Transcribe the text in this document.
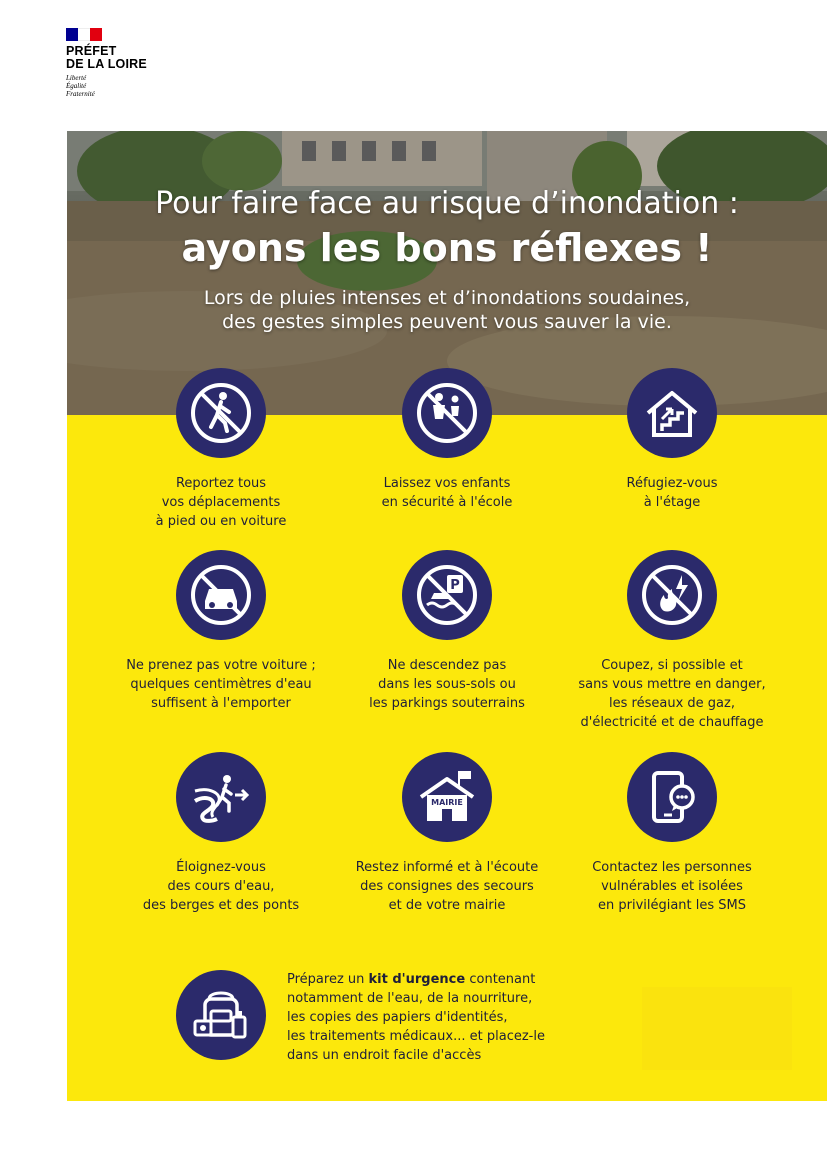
PRÉFET
DE LA LOIRE
Liberté
Égalité
Fraternité
Pour faire face au risque d’inondation :
ayons les bons réflexes !
Lors de pluies intenses et d’inondations soudaines,
des gestes simples peuvent vous sauver la vie.
Reportez tous
vos déplacements
à pied ou en voiture
Laissez vos enfants
en sécurité à l'école
Réfugiez-vous
à l'étage
Ne prenez pas votre voiture ;
quelques centimètres d'eau
suffisent à l'emporter
P
Ne descendez pas
dans les sous-sols ou
les parkings souterrains
Coupez, si possible et
sans vous mettre en danger,
les réseaux de gaz,
d'électricité et de chauffage
Éloignez-vous
des cours d'eau,
des berges et des ponts
MAIRIE
Restez informé et à l'écoute
des consignes des secours
et de votre mairie
Contactez les personnes
vulnérables et isolées
en privilégiant les SMS
Préparez un kit d'urgence contenant
notamment de l'eau, de la nourriture,
les copies des papiers d'identités,
les traitements médicaux... et placez-le
dans un endroit facile d'accès
